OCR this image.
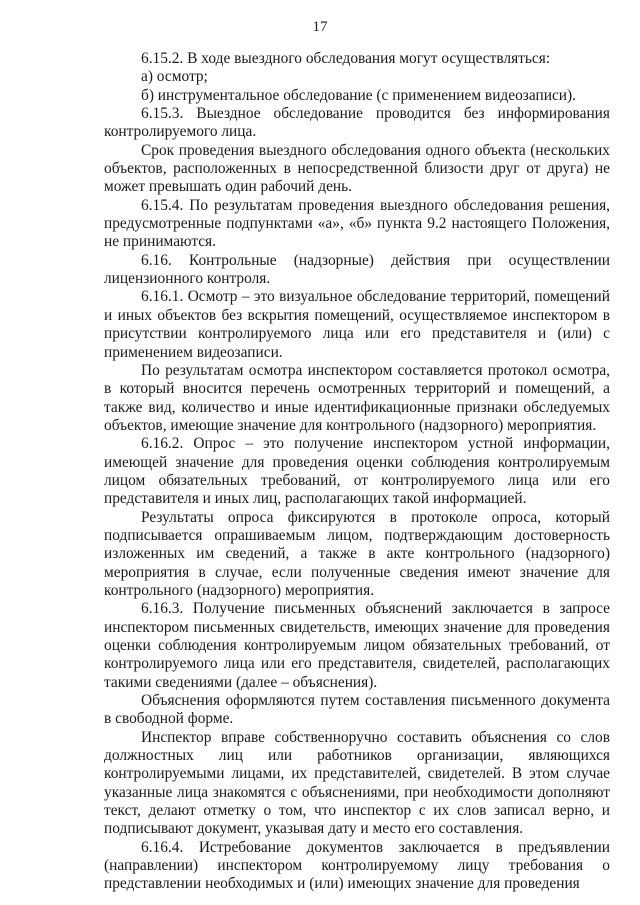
17

6.15.2. В ходе выездного обследования могут осуществляться:

а) осмотр;

б) инструментальное обследование (с применением видеозаписи).

6.15.3. Выездное обследование проводится без информирования контролируемого лица.

Срок проведения выездного обследования одного объекта (нескольких объектов, расположенных в непосредственной близости друг от друга) не может превышать один рабочий день.

6.15.4. По результатам проведения выездного обследования решения, предусмотренные подпунктами «а», «б» пункта 9.2 настоящего Положения, не принимаются.

6.16. Контрольные (надзорные) действия при осуществлении лицензионного контроля.

6.16.1. Осмотр – это визуальное обследование территорий, помещений и иных объектов без вскрытия помещений, осуществляемое инспектором в присутствии контролируемого лица или его представителя и (или) с применением видеозаписи.

По результатам осмотра инспектором составляется протокол осмотра, в который вносится перечень осмотренных территорий и помещений, а также вид, количество и иные идентификационные признаки обследуемых объектов, имеющие значение для контрольного (надзорного) мероприятия.

6.16.2. Опрос – это получение инспектором устной информации, имеющей значение для проведения оценки соблюдения контролируемым лицом обязательных требований, от контролируемого лица или его представителя и иных лиц, располагающих такой информацией.

Результаты опроса фиксируются в протоколе опроса, который подписывается опрашиваемым лицом, подтверждающим достоверность изложенных им сведений, а также в акте контрольного (надзорного) мероприятия в случае, если полученные сведения имеют значение для контрольного (надзорного) мероприятия.

6.16.3. Получение письменных объяснений заключается в запросе инспектором письменных свидетельств, имеющих значение для проведения оценки соблюдения контролируемым лицом обязательных требований, от контролируемого лица или его представителя, свидетелей, располагающих такими сведениями (далее – объяснения).

Объяснения оформляются путем составления письменного документа в свободной форме.

Инспектор вправе собственноручно составить объяснения со слов должностных лиц или работников организации, являющихся контролируемыми лицами, их представителей, свидетелей. В этом случае указанные лица знакомятся с объяснениями, при необходимости дополняют текст, делают отметку о том, что инспектор с их слов записал верно, и подписывают документ, указывая дату и место его составления.

6.16.4. Истребование документов заключается в предъявлении (направлении) инспектором контролируемому лицу требования о представлении необходимых и (или) имеющих значение для проведения
